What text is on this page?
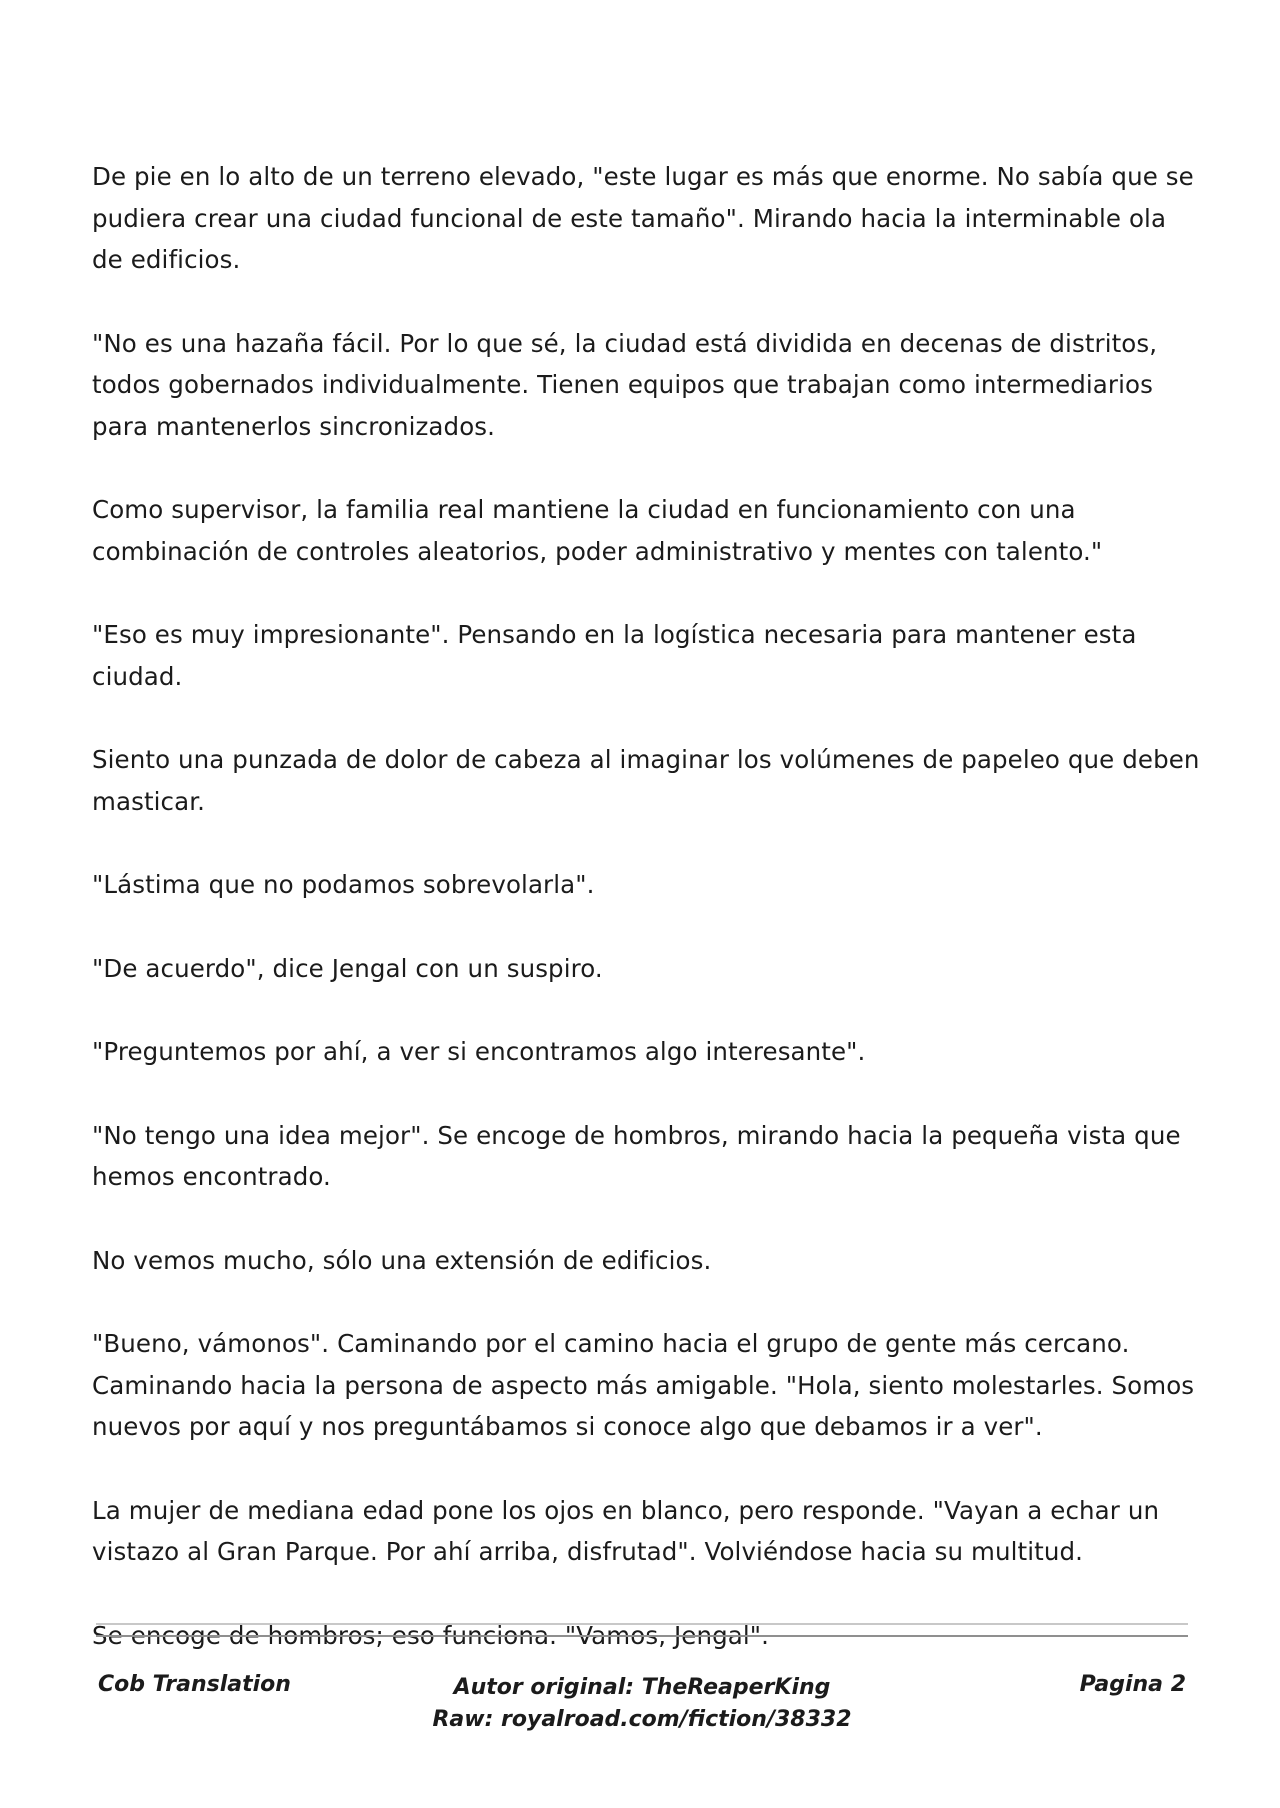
De pie en lo alto de un terreno elevado, "este lugar es más que enorme. No sabía que se pudiera crear una ciudad funcional de este tamaño". Mirando hacia la interminable ola de edificios.

"No es una hazaña fácil. Por lo que sé, la ciudad está dividida en decenas de distritos, todos gobernados individualmente. Tienen equipos que trabajan como intermediarios para mantenerlos sincronizados.

Como supervisor, la familia real mantiene la ciudad en funcionamiento con una combinación de controles aleatorios, poder administrativo y mentes con talento."

"Eso es muy impresionante". Pensando en la logística necesaria para mantener esta ciudad.

Siento una punzada de dolor de cabeza al imaginar los volúmenes de papeleo que deben masticar.

"Lástima que no podamos sobrevolarla".

"De acuerdo", dice Jengal con un suspiro.

"Preguntemos por ahí, a ver si encontramos algo interesante".

"No tengo una idea mejor". Se encoge de hombros, mirando hacia la pequeña vista que hemos encontrado.

No vemos mucho, sólo una extensión de edificios.

"Bueno, vámonos". Caminando por el camino hacia el grupo de gente más cercano. Caminando hacia la persona de aspecto más amigable. "Hola, siento molestarles. Somos nuevos por aquí y nos preguntábamos si conoce algo que debamos ir a ver".

La mujer de mediana edad pone los ojos en blanco, pero responde. "Vayan a echar un vistazo al Gran Parque. Por ahí arriba, disfrutad". Volviéndose hacia su multitud.

Se encoge de hombros; eso funciona. "Vamos, Jengal".

Cob Translation	Autor original: TheReaperKing
Raw: royalroad.com/fiction/38332
Pagina 2
